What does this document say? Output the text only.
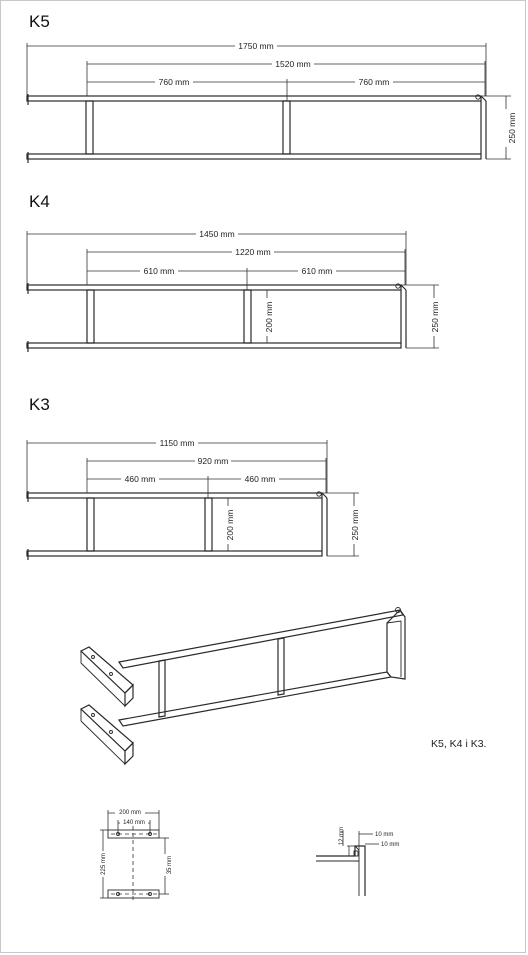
K5
1750 mm
1520 mm
760 mm	760 mm
250 mm
K4
1450 mm
1220 mm
610 mm	610 mm
200 mm	250 mm
K3
1150 mm
920 mm
460 mm	460 mm
200 mm	250 mm
K5, K4 i K3.
200 mm
140 mm
225 mm	35 mm
12 mm	10 mm
10 mm
